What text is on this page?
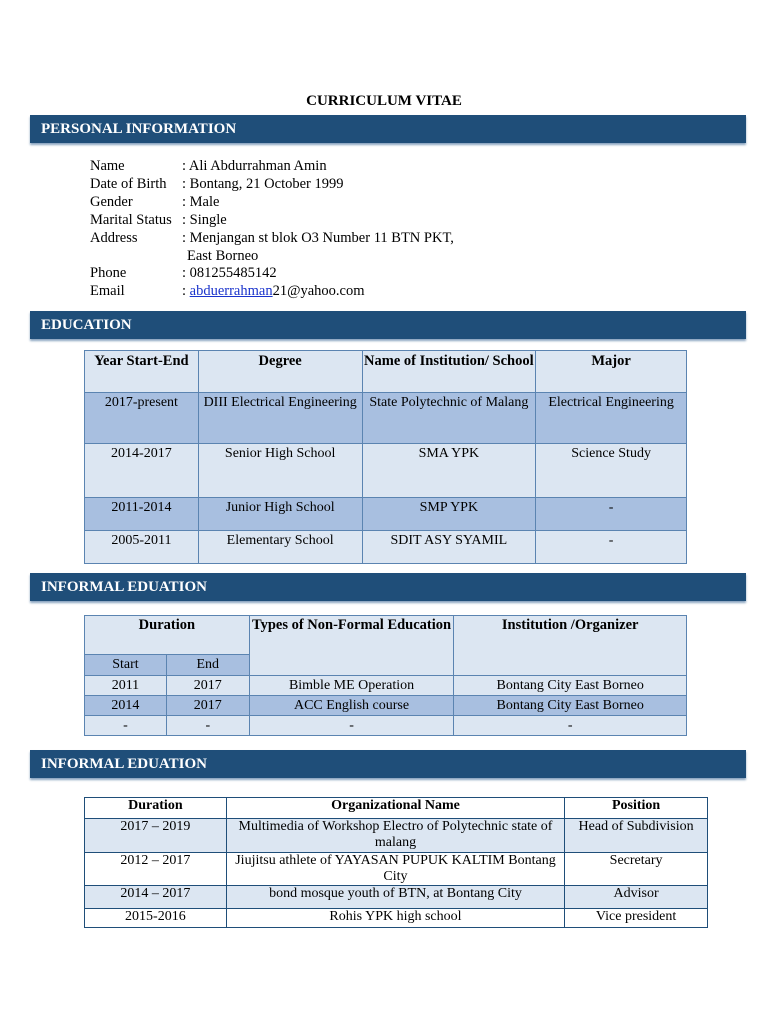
CURRICULUM VITAE
PERSONAL INFORMATION
Name	: Ali Abdurrahman Amin
Date of Birth	: Bontang, 21 October 1999
Gender	: Male
Marital Status : Single
Address	: Menjangan st blok O3 Number 11 BTN PKT,
East Borneo
Phone	: 081255485142
Email	: abduerrahman21@yahoo.com
EDUCATION
Year Start-End	Degree	Name of Institution/ School	Major
2017-present	DIII Electrical Engineering	State Polytechnic of Malang	Electrical Engineering
2014-2017	Senior High School	SMA YPK	Science Study
2011-2014	Junior High School	SMP YPK	-
2005-2011	Elementary School	SDIT ASY SYAMIL	-
INFORMAL EDUATION
Duration		Types of Non-Formal Education	Institution /Organizer
Start	End		
2011	2017	Bimble ME Operation	Bontang City East Borneo
2014	2017	ACC English course	Bontang City East Borneo
-	-	-	-
INFORMAL EDUATION
Duration	Organizational Name	Position
2017 – 2019	Multimedia of Workshop Electro of Polytechnic state of malang	Head of Subdivision
2012 – 2017	Jiujitsu athlete of YAYASAN PUPUK KALTIM Bontang City	Secretary
2014 – 2017	bond mosque youth of BTN, at Bontang City	Advisor
2015-2016	Rohis YPK high school	Vice president
